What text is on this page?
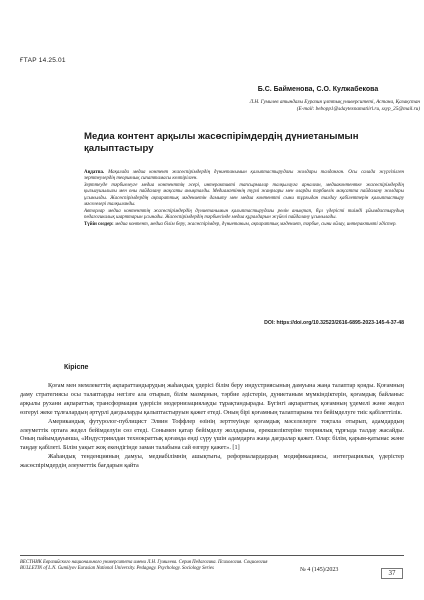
ҒТАР 14.25.01
Б.С. Байменова, С.О. Кулжабекова
Л.Н. Гумилев атындағы Еуразия ұлттық университеті, Астана, Қазақстан
(E-mail: bebopp1@sdaytexnamatiirl.ru, ssyp_25@mail.ru)
Медиа контент арқылы жасөспірімдердің дүниетанымын қалыптастыру

Аңдатпа. Мақалада медиа контент жасөспірімдердің дүниетанымын қалыптастырудағы жолдары талданған. Осы салада жүргізілген зерттеулердің теориялық сипаттамасы келтірілген.

Зерттеуде тәрбиелеуге медиа контенттің әсері, интерактивті тапсырмалар талқылауға арналған, медиаконтентке жасөспірімдердің қызығушылығы мен оны пайдалану мақсаты анықталды. Медиамәтіннің түрлі жанрлары мен оларды тәрбиелік мақсатта пайдалану жолдары ұсынылды. Жасөспірімдердің ақпараттық мәдениетін дамыту мен медиа контентті сыни тұрғыдан талдау қабілеттерін қалыптастыру мәселелері талқыланды.

Авторлар медиа контенттің жасөспірімдердің дүниетанымын қалыптастырудағы рөлін анықтап, бұл үдерісті тиімді ұйымдастырудың педагогикалық шарттарын ұсынады. Жасөспірімдердің тәрбиесінде медиа құралдарын жүйелі пайдалану ұсынылады.

Түйін сөздер: медиа контент, медиа білім беру, жасөспірімдер, дүниетаным, ақпараттық мәдениет, тәрбие, сыни ойлау, интерактивті әдістер.

DOI: https://doi.org/10.32523/2616-6895-2023-145-4-37-48
Кіріспе

Қоғам мен мемлекеттің ақпараттандырудың жаһандық үдерісі білім беру индустриясының дамуына жаңа талаптар қояды. Қоғамның даму стратегиясы осы талаптарды негізге ала отырып, білім мазмұнын, тәрбие әдістерін, дүниетаным мүмкіндіктерін, қоғамдық байланыс арқылы рухани ақпараттық трансформация үдерісін модернизациялауды тұрақтандырады. Бүгінгі ақпараттық қоғамның үдемелі және жедел өзгеруі жеке тұлғалардың әртүрлі дағдыларды қалыптастыруын қажет етеді. Оның бірі қоғамның талаптарына тез бейімделуге тиіс қабілеттілік.

Американдық футуролог-публицист Элвин Тоффлер өзінің зерттеуінде қоғамдық мәселелерге тоқтала отырып, адамдардың әлеуметтік ортаға жедел бейімделуін сөз етеді. Сонымен қатар бейімделу жолдарына, ерекшеліктеріне теориялық тұрғыда талдау жасайды. Оның пайымдауынша, «Индустриялдан технократтық қоғамда енді сүру үшін адамдарға жаңа дағдылар қажет. Олар: білім, қарым-қатынас және таңдау қабілеті. Білім уақыт жоқ екендігінде заман талабына сай өзгеру қажет». [1]

Жаһандық тенденцияның дамуы, медиабілімнің ашықтығы, реформалардардың модификациясы, интеграциялық үдерістер жасөспірімдердің әлеуметтік бағдарын қайта

ВЕСТНИК Евразийского национального университета имени Л.Н. Гумилева. Серия Педагогика. Психология. Социология
BULLETIN of L.N. Gumilyov Eurasian National University. Pedagogy. Psychology. Sociology Series	№ 4 (145)/2023	37
